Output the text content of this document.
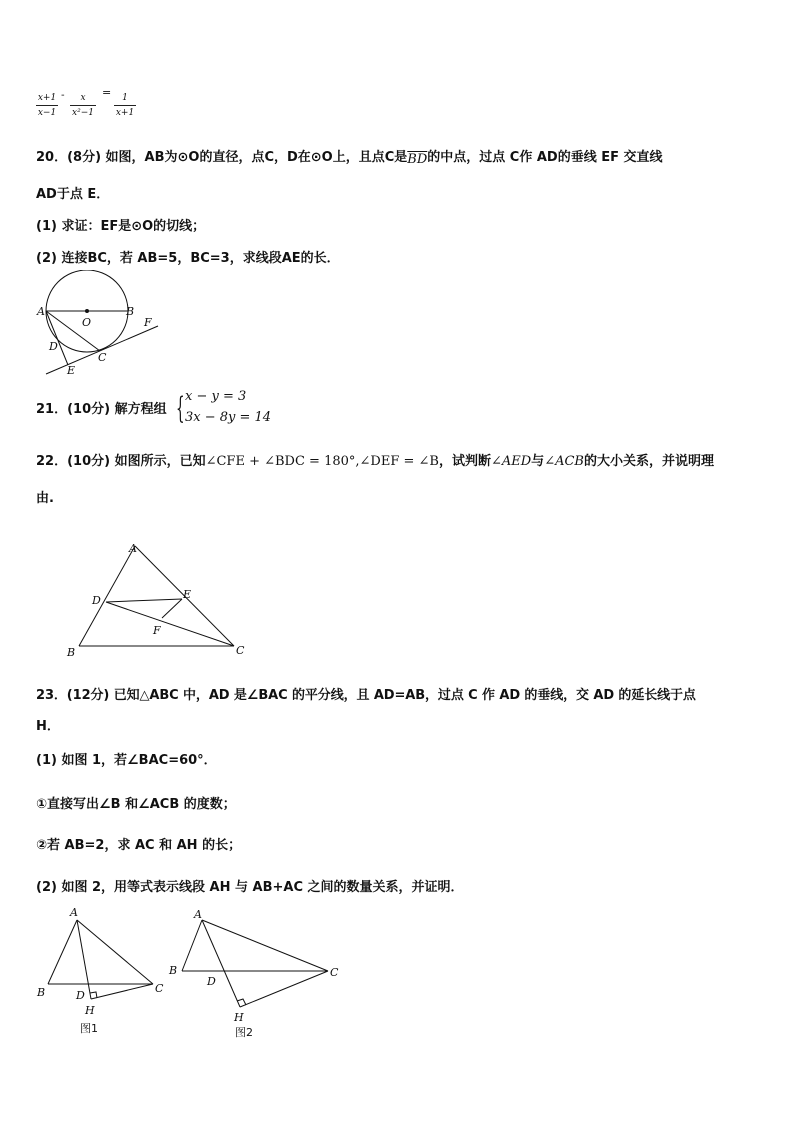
x+1
x−1
-	x
x²−1
=	1
x+1
20．(8分) 如图，AB为⊙O的直径，点C，D在⊙O上，且点C是$\overline{BD}$的中点，过点 C作 AD的垂线 EF 交直线
AD于点 E．
(1) 求证：EF是⊙O的切线；
(2) 连接BC，若 AB=5，BC=3，求线段AE的长．
A
O
B
F
D
C
E
21．(10分) 解方程组 { x − y = 3
3x − 8y = 14
22．(10分) 如图所示，已知∠CFE + ∠BDC = 180°,∠DEF = ∠B，试判断∠AED与∠ACB的大小关系，并说明理
由.
A
D	E
F
B	C
23．(12分) 已知△ABC 中，AD 是∠BAC 的平分线，且 AD=AB，过点 C 作 AD 的垂线，交 AD 的延长线于点
H．
(1) 如图 1，若∠BAC=60°．
①直接写出∠B 和∠ACB 的度数；
②若 AB=2，求 AC 和 AH 的长；
(2) 如图 2，用等式表示线段 AH 与 AB+AC 之间的数量关系，并证明．
A
B	D
C
H
图1
A
B
D
C
H
图2
